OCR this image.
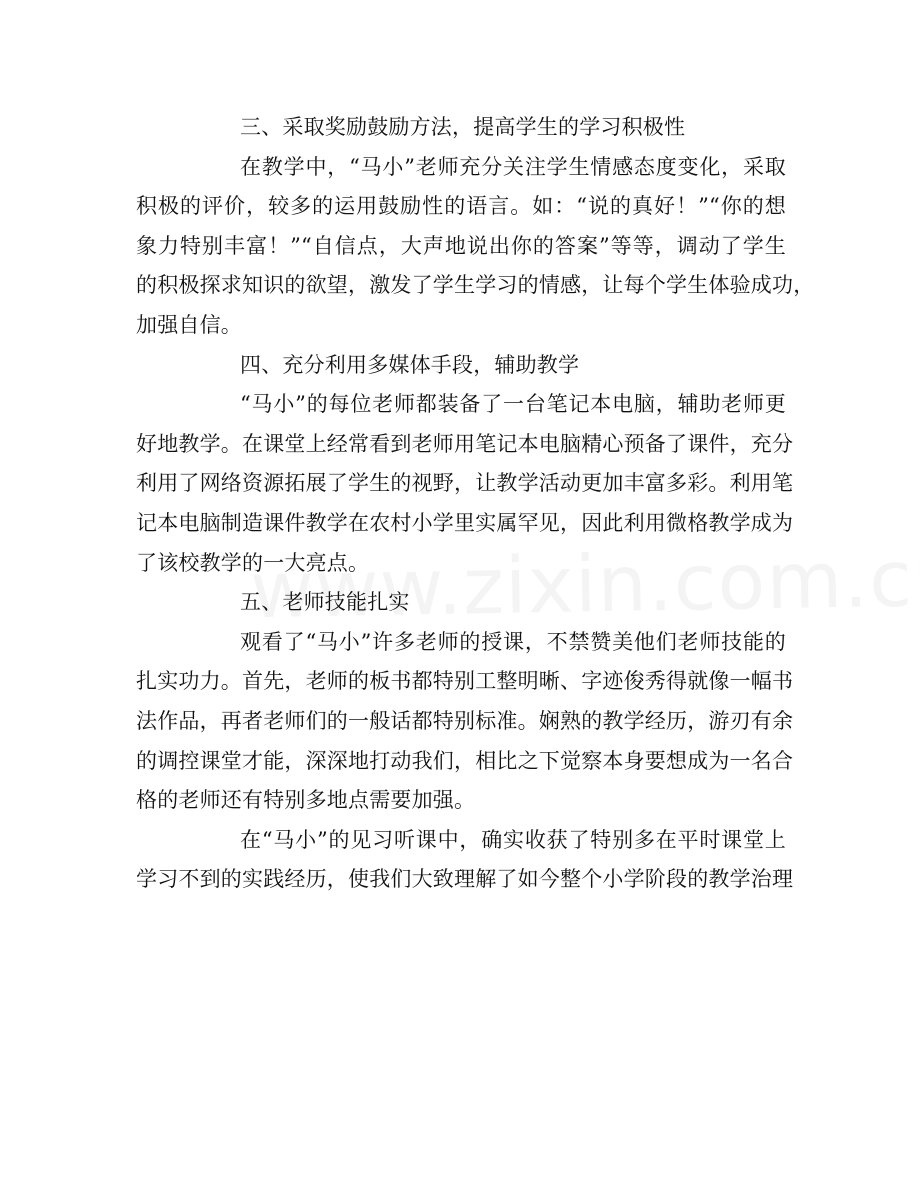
三、采取奖励鼓励方法，提高学生的学习积极性
在教学中，“马小”老师充分关注学生情感态度变化，采取
积极的评价，较多的运用鼓励性的语言。如：“说的真好！”“你的想
象力特别丰富！”“自信点，大声地说出你的答案”等等，调动了学生
的积极探求知识的欲望，激发了学生学习的情感，让每个学生体验成功，
加强自信。
四、充分利用多媒体手段，辅助教学
“马小”的每位老师都装备了一台笔记本电脑，辅助老师更
好地教学。在课堂上经常看到老师用笔记本电脑精心预备了课件，充分
利用了网络资源拓展了学生的视野，让教学活动更加丰富多彩。利用笔
记本电脑制造课件教学在农村小学里实属罕见，因此利用微格教学成为
了该校教学的一大亮点。
五、老师技能扎实
观看了“马小”许多老师的授课，不禁赞美他们老师技能的
扎实功力。首先，老师的板书都特别工整明晰、字迹俊秀得就像一幅书
法作品，再者老师们的一般话都特别标准。娴熟的教学经历，游刃有余
的调控课堂才能，深深地打动我们，相比之下觉察本身要想成为一名合
格的老师还有特别多地点需要加强。
在“马小”的见习听课中，确实收获了特别多在平时课堂上
学习不到的实践经历，使我们大致理解了如今整个小学阶段的教学治理
